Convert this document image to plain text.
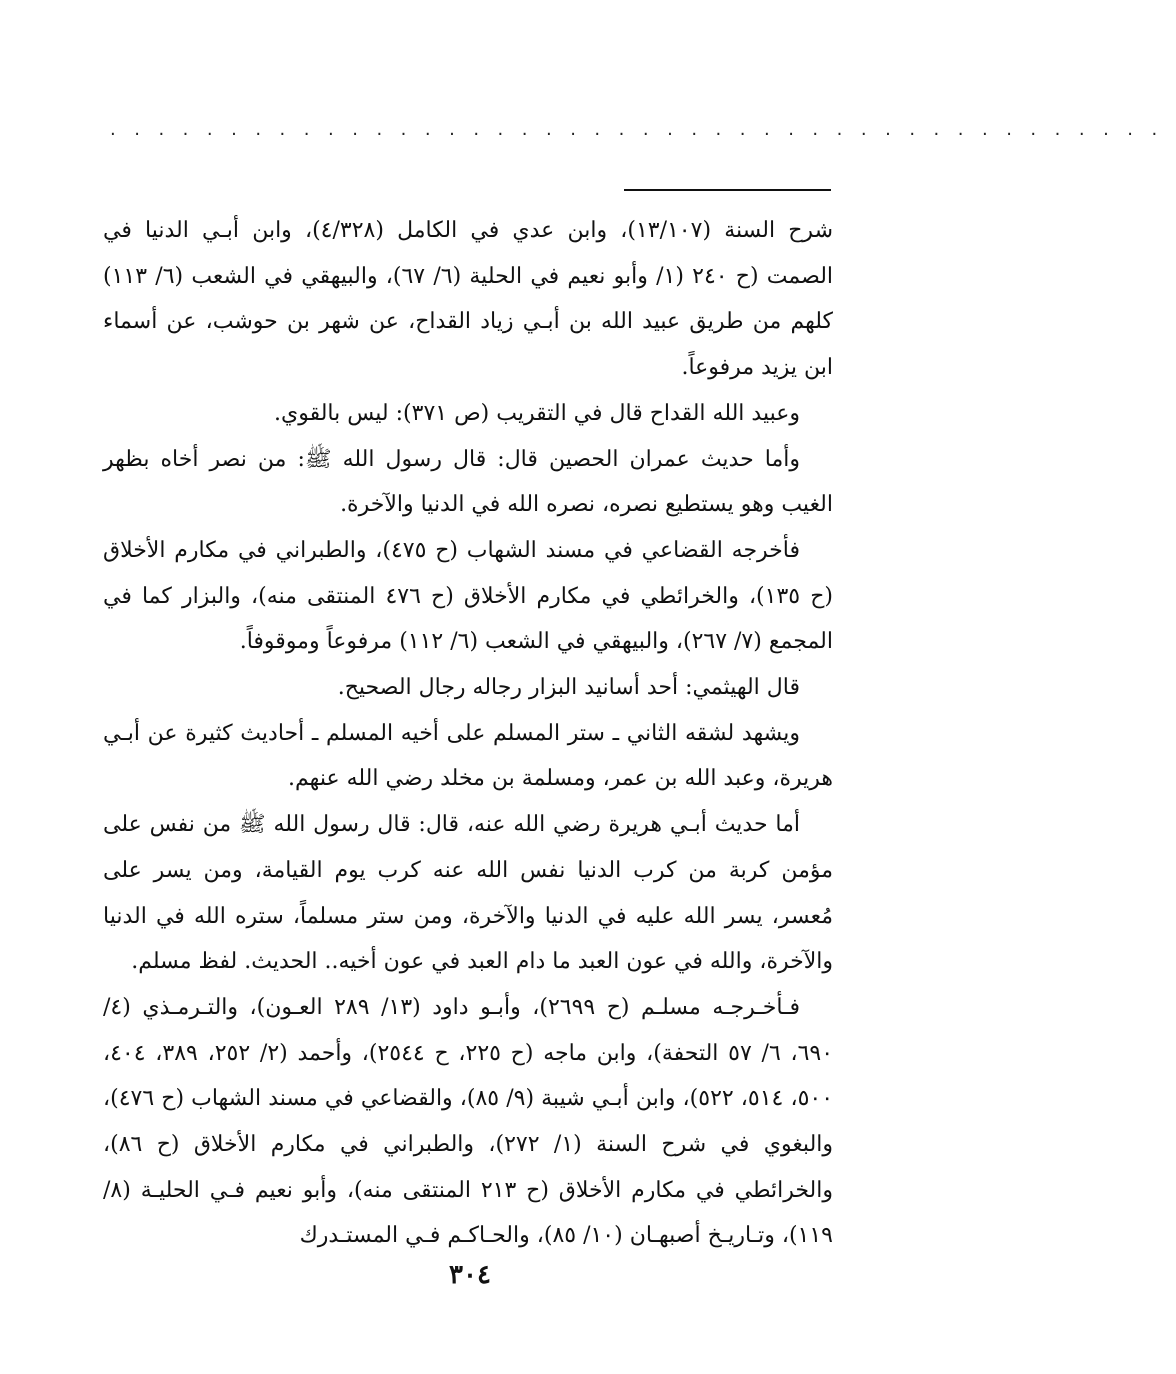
............................................

شرح السنة (١٣/١٠٧)، وابن عدي في الكامل (٤/٣٢٨)، وابن أبـي الدنيا في الصمت (ح ٢٤٠ (١/ وأبو نعيم في الحلية (٦/ ٦٧)، والبيهقي في الشعب (٦/ ١١٣) كلهم من طريق عبيد الله بن أبـي زياد القداح، عن شهر بن حوشب، عن أسماء ابن يزيد مرفوعاً.

وعبيد الله القداح قال في التقريب (ص ٣٧١): ليس بالقوي.

وأما حديث عمران الحصين قال: قال رسول الله ﷺ: من نصر أخاه بظهر الغيب وهو يستطيع نصره، نصره الله في الدنيا والآخرة.

فأخرجه القضاعي في مسند الشهاب (ح ٤٧٥)، والطبراني في مكارم الأخلاق (ح ١٣٥)، والخرائطي في مكارم الأخلاق (ح ٤٧٦ المنتقى منه)، والبزار كما في المجمع (٧/ ٢٦٧)، والبيهقي في الشعب (٦/ ١١٢) مرفوعاً وموقوفاً.

قال الهيثمي: أحد أسانيد البزار رجاله رجال الصحيح.

ويشهد لشقه الثاني ـ ستر المسلم على أخيه المسلم ـ أحاديث كثيرة عن أبـي هريرة، وعبد الله بن عمر، ومسلمة بن مخلد رضي الله عنهم.

أما حديث أبـي هريرة رضي الله عنه، قال: قال رسول الله ﷺ من نفس على مؤمن كربة من كرب الدنيا نفس الله عنه كرب يوم القيامة، ومن يسر على مُعسر، يسر الله عليه في الدنيا والآخرة، ومن ستر مسلماً، ستره الله في الدنيا والآخرة، والله في عون العبد ما دام العبد في عون أخيه.. الحديث. لفظ مسلم.

فـأخـرجـه مسلـم (ح ٢٦٩٩)، وأبـو داود (١٣/ ٢٨٩ العـون)، والتـرمـذي (٤/ ٦٩٠، ٦/ ٥٧ التحفة)، وابن ماجه (ح ٢٢٥، ح ٢٥٤٤)، وأحمد (٢/ ٢٥٢، ٣٨٩، ٤٠٤، ٥٠٠، ٥١٤، ٥٢٢)، وابن أبـي شيبة (٩/ ٨٥)، والقضاعي في مسند الشهاب (ح ٤٧٦)، والبغوي في شرح السنة (١/ ٢٧٢)، والطبراني في مكارم الأخلاق (ح ٨٦)، والخرائطي في مكارم الأخلاق (ح ٢١٣ المنتقى منه)، وأبو نعيم فـي الحليـة (٨/ ١١٩)، وتـاريـخ أصبهـان (١٠/ ٨٥)، والحـاكـم فـي المستـدرك

٣٠٤
